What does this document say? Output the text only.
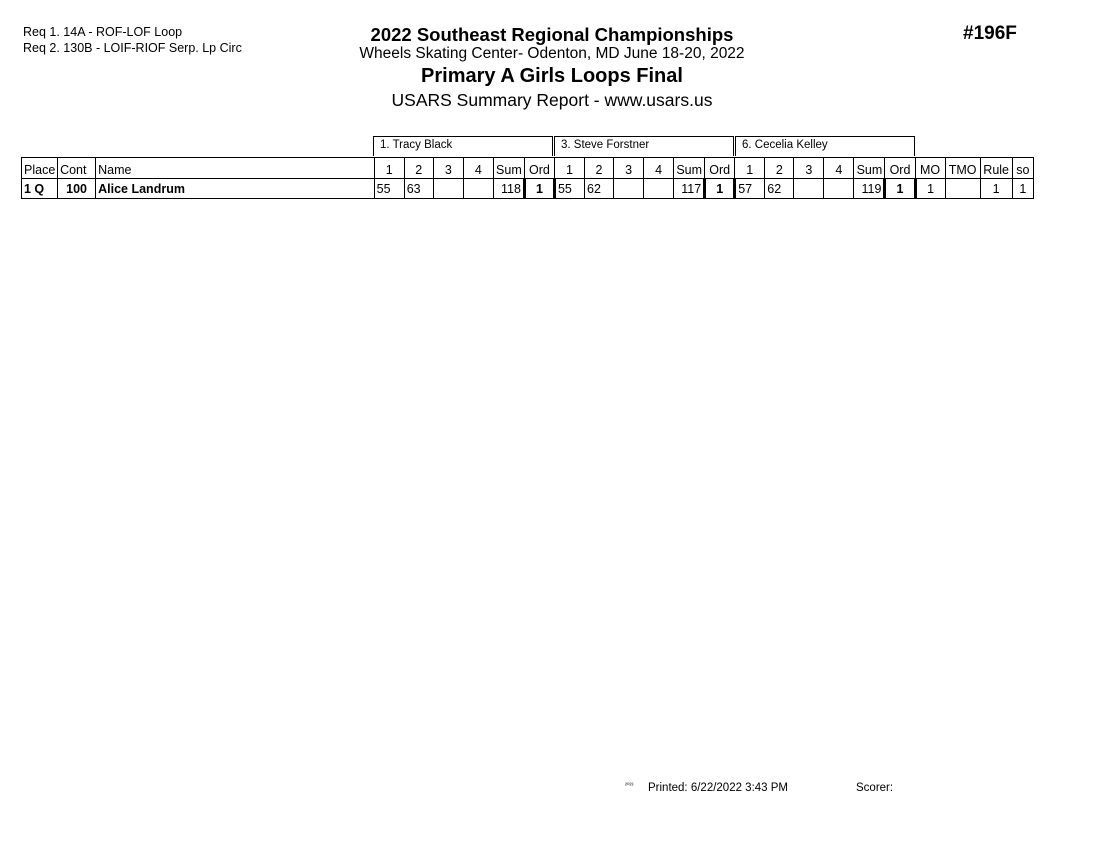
Req 1. 14A - ROF-LOF Loop
Req 2. 130B - LOIF-RIOF Serp. Lp Circ
2022 Southeast Regional Championships
Wheels Skating Center- Odenton, MD June 18-20, 2022
Primary A Girls Loops Final
USARS Summary Report - www.usars.us
#196F
1. Tracy Black	3. Steve Forstner	6. Cecelia Kelley
Place	Cont	Name	1	2	3	4	Sum	Ord	1	2	3	4	Sum	Ord	1	2	3	4	Sum	Ord	MO	TMO	Rule	so
1 Q	100	Alice Landrum	55	63			118	1	55	62			117	1	57	62			119	1	1		1	1
²⁰²³ Printed: 6/22/2022 3:43 PM	Scorer:
